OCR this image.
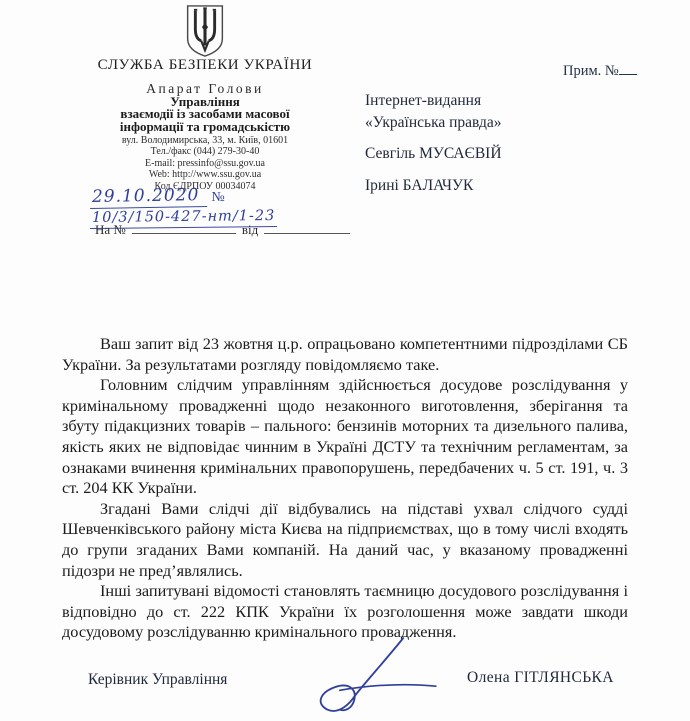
СЛУЖБА БЕЗПЕКИ УКРАЇНИ
Апарат Голови
Управління
взаємодії із засобами масової
інформації та громадськістю
вул. Володимирська, 33, м. Київ, 01601
Тел./факс (044) 279-30-40
E-mail: pressinfo@ssu.gov.ua
Web: http://www.ssu.gov.ua
Код ЄДРПОУ 00034074
29.10.2020 №10/3/150-427-нт/1-23
На №	від
Прим. №
Інтернет-видання
«Українська правда»
Севгіль МУСАЄВІЙ
Ірині БАЛАЧУК

Ваш запит від 23 жовтня ц.р. опрацьовано компетентними підрозділами СБ України. За результатами розгляду повідомляємо таке.

Головним слідчим управлінням здійснюється досудове розслідування у кримінальному провадженні щодо незаконного виготовлення, зберігання та збуту підакцизних товарів – пального: бензинів моторних та дизельного палива, якість яких не відповідає чинним в Україні ДСТУ та технічним регламентам, за ознаками вчинення кримінальних правопорушень, передбачених ч. 5 ст. 191, ч. 3 ст. 204 КК України.

Згадані Вами слідчі дії відбувались на підставі ухвал слідчого судді Шевченківського району міста Києва на підприємствах, що в тому числі входять до групи згаданих Вами компаній. На даний час, у вказаному провадженні підозри не пред’являлись.

Інші запитувані відомості становлять таємницю досудового розслідування і відповідно до ст. 222 КПК України їх розголошення може завдати шкоди досудовому розслідуванню кримінального провадження.

Керівник Управління	Олена ГІТЛЯНСЬКА
